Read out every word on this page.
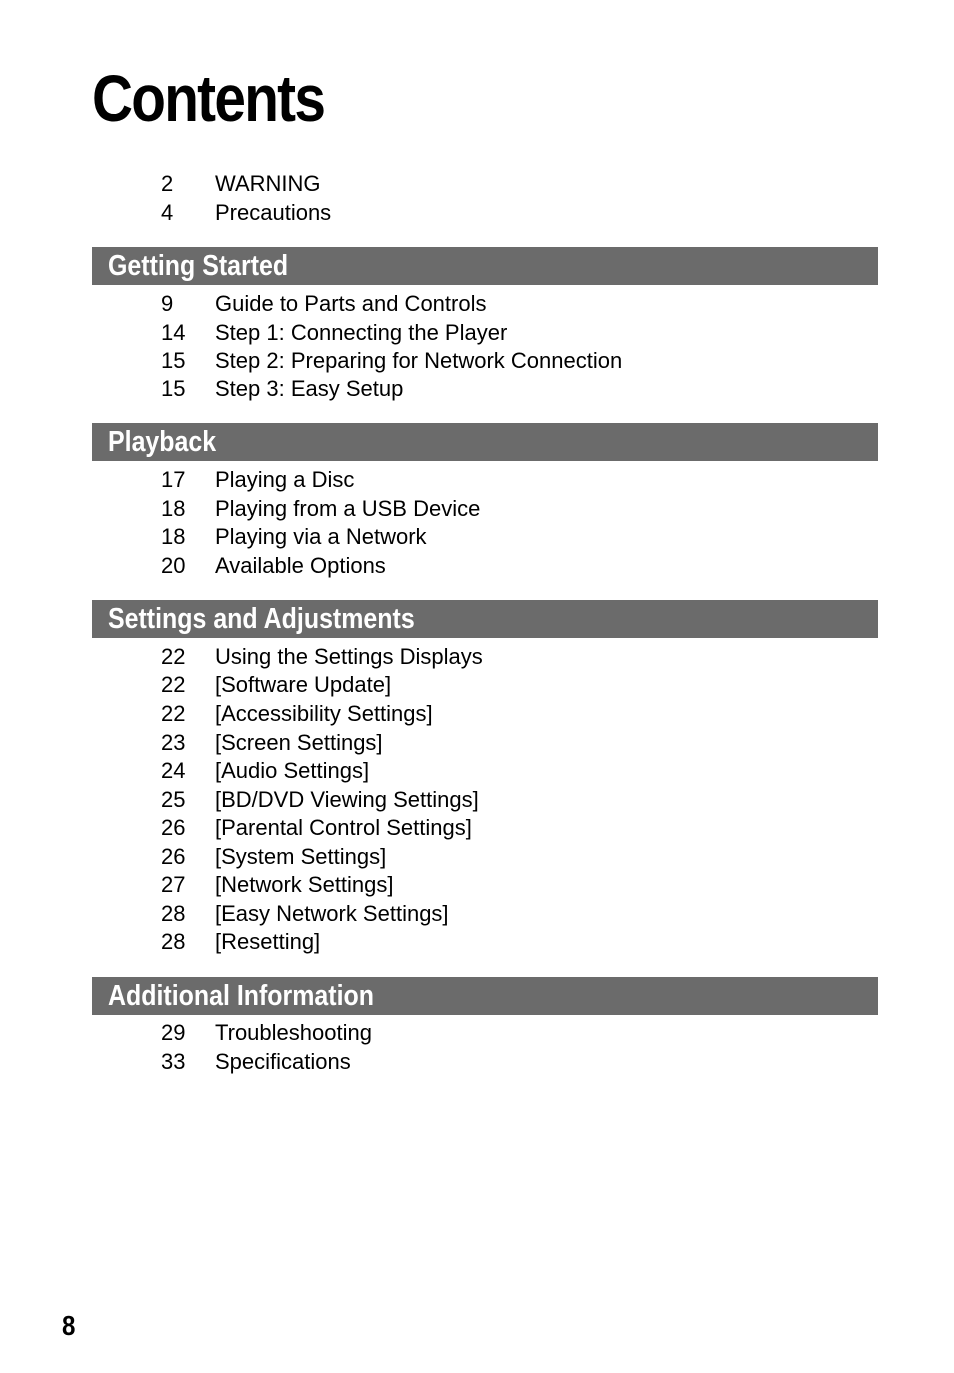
Contents
2 WARNING
4 Precautions
Getting Started
9 Guide to Parts and Controls
14 Step 1: Connecting the Player
15 Step 2: Preparing for Network Connection
15 Step 3: Easy Setup
Playback
17 Playing a Disc
18 Playing from a USB Device
18 Playing via a Network
20 Available Options
Settings and Adjustments
22 Using the Settings Displays
22 [Software Update]
22 [Accessibility Settings]
23 [Screen Settings]
24 [Audio Settings]
25 [BD/DVD Viewing Settings]
26 [Parental Control Settings]
26 [System Settings]
27 [Network Settings]
28 [Easy Network Settings]
28 [Resetting]
Additional Information
29 Troubleshooting
33 Specifications
8
